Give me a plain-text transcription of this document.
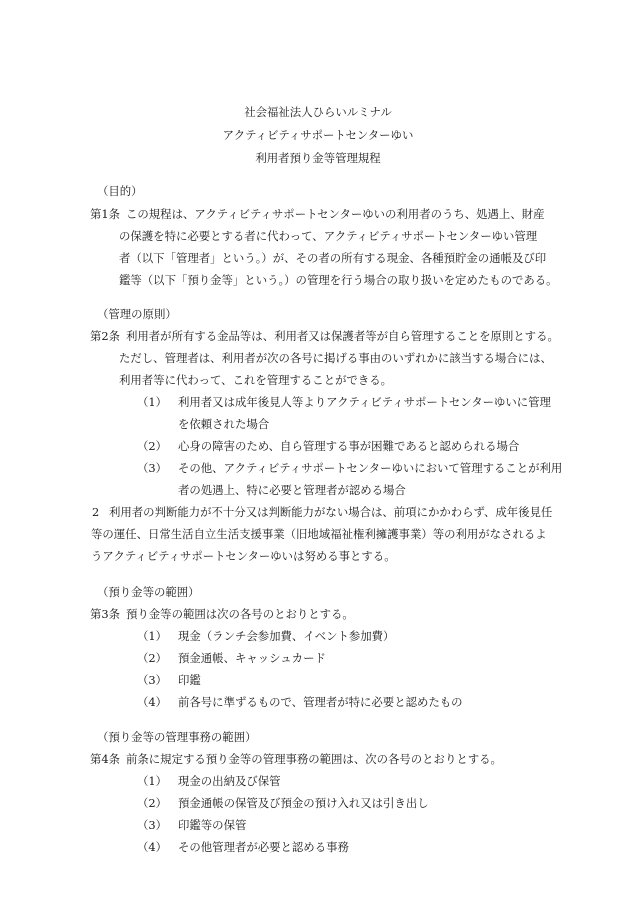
社会福祉法人ひらいルミナル
アクティビティサポートセンターゆい
利用者預り金等管理規程
（目的）
第1条 この規程は、アクティビティサポートセンターゆいの利用者のうち、処遇上、財産
の保護を特に必要とする者に代わって、アクティビティサポートセンターゆい管理
者（以下「管理者」という。）が、その者の所有する現金、各種預貯金の通帳及び印
鑑等（以下「預り金等」という。）の管理を行う場合の取り扱いを定めたものである。
（管理の原則）
第2条 利用者が所有する金品等は、利用者又は保護者等が自ら管理することを原則とする。
ただし、管理者は、利用者が次の各号に掲げる事由のいずれかに該当する場合には、
利用者等に代わって、これを管理することができる。
（1） 利用者又は成年後見人等よりアクティビティサポートセンターゆいに管理
を依頼された場合
（2） 心身の障害のため、自ら管理する事が困難であると認められる場合
（3） その他、アクティビティサポートセンターゆいにおいて管理することが利用
者の処遇上、特に必要と管理者が認める場合
2 利用者の判断能力が不十分又は判断能力がない場合は、前項にかかわらず、成年後見任
等の運任、日常生活自立生活支援事業（旧地域福祉権利擁護事業）等の利用がなされるよ
うアクティビティサポートセンターゆいは努める事とする。
（預り金等の範囲）
第3条 預り金等の範囲は次の各号のとおりとする。
（1） 現金（ランチ会参加費、イベント参加費）
（2） 預金通帳、キャッシュカード
（3） 印鑑
（4） 前各号に準ずるもので、管理者が特に必要と認めたもの
（預り金等の管理事務の範囲）
第4条 前条に規定する預り金等の管理事務の範囲は、次の各号のとおりとする。
（1） 現金の出納及び保管
（2） 預金通帳の保管及び預金の預け入れ又は引き出し
（3） 印鑑等の保管
（4） その他管理者が必要と認める事務
